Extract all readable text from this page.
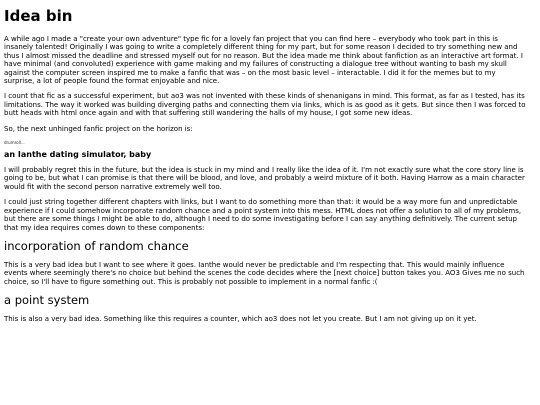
Idea bin

A while ago I made a "create your own adventure" type fic for a lovely fan project that you can find here – everybody who took part in this is insanely talented! Originally I was going to write a completely different thing for my part, but for some reason I decided to try something new and thus I almost missed the deadline and stressed myself out for no reason. But the idea made me think about fanfiction as an interactive art format. I have minimal (and convoluted) experience with game making and my failures of constructing a dialogue tree without wanting to bash my skull against the computer screen inspired me to make a fanfic that was – on the most basic level – interactable. I did it for the memes but to my surprise, a lot of people found the format enjoyable and nice.

I count that fic as a successful experiment, but ao3 was not invented with these kinds of shenanigans in mind. This format, as far as I tested, has its limitations. The way it worked was building diverging paths and connecting them via links, which is as good as it gets. But since then I was forced to butt heads with html once again and with that suffering still wandering the halls of my house, I got some new ideas.

So, the next unhinged fanfic project on the horizon is:

drumroll...

an Ianthe dating simulator, baby

I will probably regret this in the future, but the idea is stuck in my mind and I really like the idea of it. I'm not exactly sure what the core story line is going to be, but what I can promise is that there will be blood, and love, and probably a weird mixture of it both. Having Harrow as a main character would fit with the second person narrative extremely well too.

I could just string together different chapters with links, but I want to do something more than that: it would be a way more fun and unpredictable experience if I could somehow incorporate random chance and a point system into this mess. HTML does not offer a solution to all of my problems, but there are some things I might be able to do, although I need to do some investigating before I can say anything definitively. The current setup that my idea requires comes down to these components:

incorporation of random chance

This is a very bad idea but I want to see where it goes. Ianthe would never be predictable and I'm respecting that. This would mainly influence events where seemingly there's no choice but behind the scenes the code decides where the [next choice] button takes you. AO3 Gives me no such choice, so I'll have to figure something out. This is probably not possible to implement in a normal fanfic :(

a point system

This is also a very bad idea. Something like this requires a counter, which ao3 does not let you create. But I am not giving up on it yet.
